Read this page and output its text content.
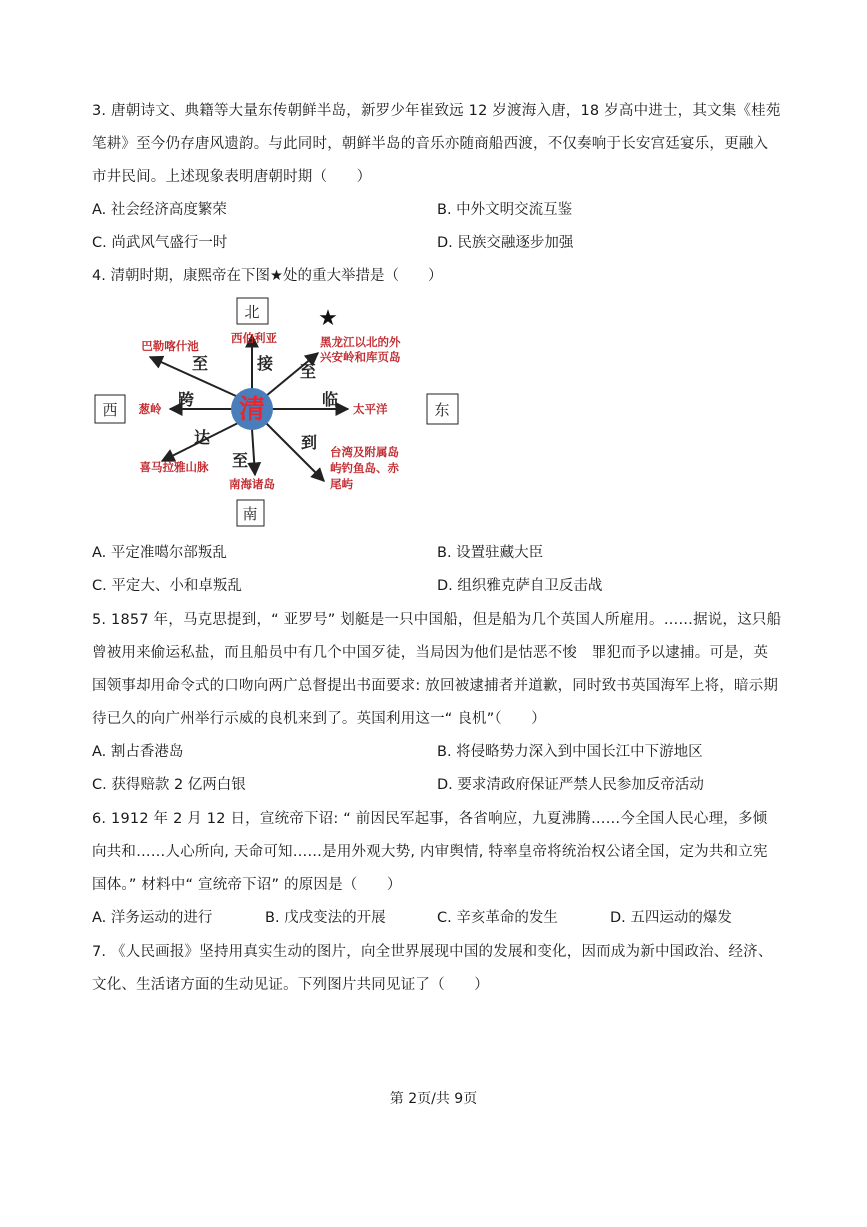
3. 唐朝诗文、典籍等大量东传朝鲜半岛，新罗少年崔致远 12 岁渡海入唐，18 岁高中进士，其文集《桂苑笔耕》至今仍存唐风遗韵。与此同时，朝鲜半岛的音乐亦随商船西渡，不仅奏响于长安宫廷宴乐，更融入市井民间。上述现象表明唐朝时期（　　）
A. 社会经济高度繁荣	B. 中外文明交流互鉴
C. 尚武风气盛行一时	D. 民族交融逐步加强
4. 清朝时期，康熙帝在下图★处的重大举措是（　　）
清
北
南
西	东
★
接
至	至
临
跨
达
至
到
西伯利亚
巴勒喀什池	黑龙江以北的外
兴安岭和库页岛
葱岭	太平洋
喜马拉雅山脉
南海诸岛
台湾及附属岛
屿钓鱼岛、赤
尾屿
A. 平定准噶尔部叛乱	B. 设置驻藏大臣
C. 平定大、小和卓叛乱	D. 组织雅克萨自卫反击战
5. 1857 年，马克思提到，“ 亚罗号” 划艇是一只中国船，但是船为几个英国人所雇用。……据说，这只船曾被用来偷运私盐，而且船员中有几个中国歹徒，当局因为他们是怙恶不悛　罪犯而予以逮捕。可是，英国领事却用命令式的口吻向两广总督提出书面要求: 放回被逮捕者并道歉，同时致书英国海军上将，暗示期待已久的向广州举行示威的良机来到了。英国利用这一“ 良机”（　　）
A. 割占香港岛	B. 将侵略势力深入到中国长江中下游地区
C. 获得赔款 2 亿两白银	D. 要求清政府保证严禁人民参加反帝活动
6. 1912 年 2 月 12 日，宣统帝下诏: “ 前因民军起事，各省响应，九夏沸腾……今全国人民心理，多倾向共和……人心所向, 天命可知……是用外观大势, 内审舆情, 特率皇帝将统治权公诸全国，定为共和立宪国体。” 材料中“ 宣统帝下诏” 的原因是（　　）
A. 洋务运动的进行	B. 戊戌变法的开展	C. 辛亥革命的发生	D. 五四运动的爆发
7. 《人民画报》坚持用真实生动的图片，向全世界展现中国的发展和变化，因而成为新中国政治、经济、文化、生活诸方面的生动见证。下列图片共同见证了（　　）
第 2页/共 9页
